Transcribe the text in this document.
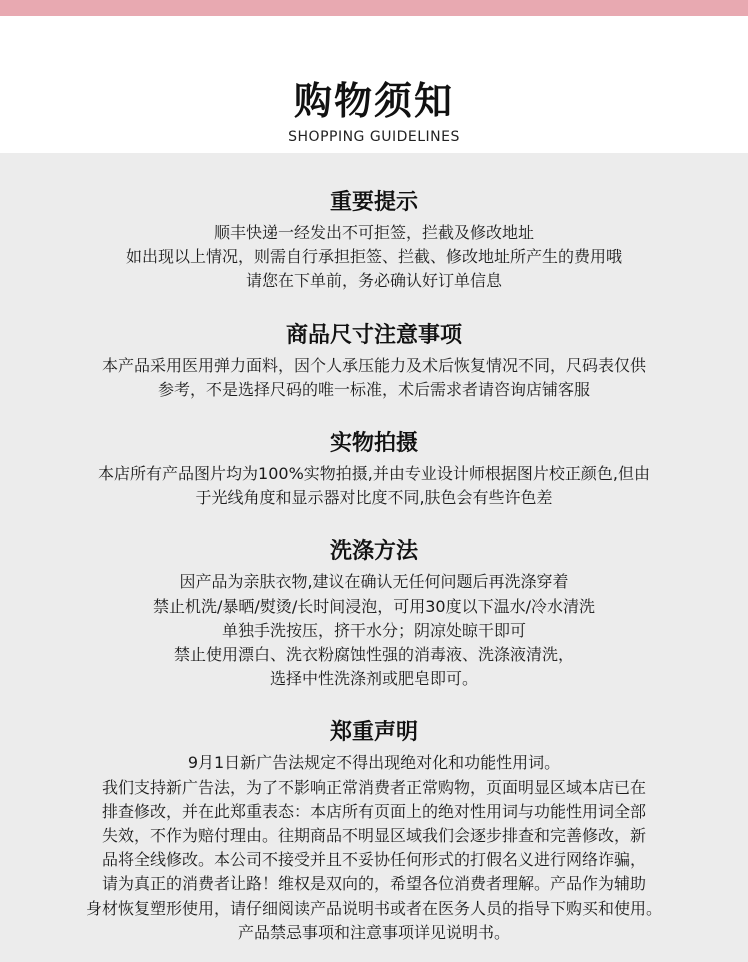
购物须知
SHOPPING GUIDELINES
重要提示
顺丰快递一经发出不可拒签，拦截及修改地址
如出现以上情况，则需自行承担拒签、拦截、修改地址所产生的费用哦
请您在下单前，务必确认好订单信息
商品尺寸注意事项
本产品采用医用弹力面料，因个人承压能力及术后恢复情况不同，尺码表仅供
参考，不是选择尺码的唯一标准，术后需求者请咨询店铺客服
实物拍摄
本店所有产品图片均为100%实物拍摄,并由专业设计师根据图片校正颜色,但由
于光线角度和显示器对比度不同,肤色会有些许色差
洗涤方法
因产品为亲肤衣物,建议在确认无任何问题后再洗涤穿着
禁止机洗/暴晒/熨烫/长时间浸泡，可用30度以下温水/冷水清洗
单独手洗按压，挤干水分；阴凉处晾干即可
禁止使用漂白、洗衣粉腐蚀性强的消毒液、洗涤液清洗，
选择中性洗涤剂或肥皂即可。
郑重声明
9月1日新广告法规定不得出现绝对化和功能性用词。
我们支持新广告法，为了不影响正常消费者正常购物，页面明显区域本店已在
排查修改，并在此郑重表态：本店所有页面上的绝对性用词与功能性用词全部
失效，不作为赔付理由。往期商品不明显区域我们会逐步排查和完善修改，新
品将全线修改。本公司不接受并且不妥协任何形式的打假名义进行网络诈骗，
请为真正的消费者让路！维权是双向的，希望各位消费者理解。产品作为辅助
身材恢复塑形使用，请仔细阅读产品说明书或者在医务人员的指导下购买和使用。
产品禁忌事项和注意事项详见说明书。
